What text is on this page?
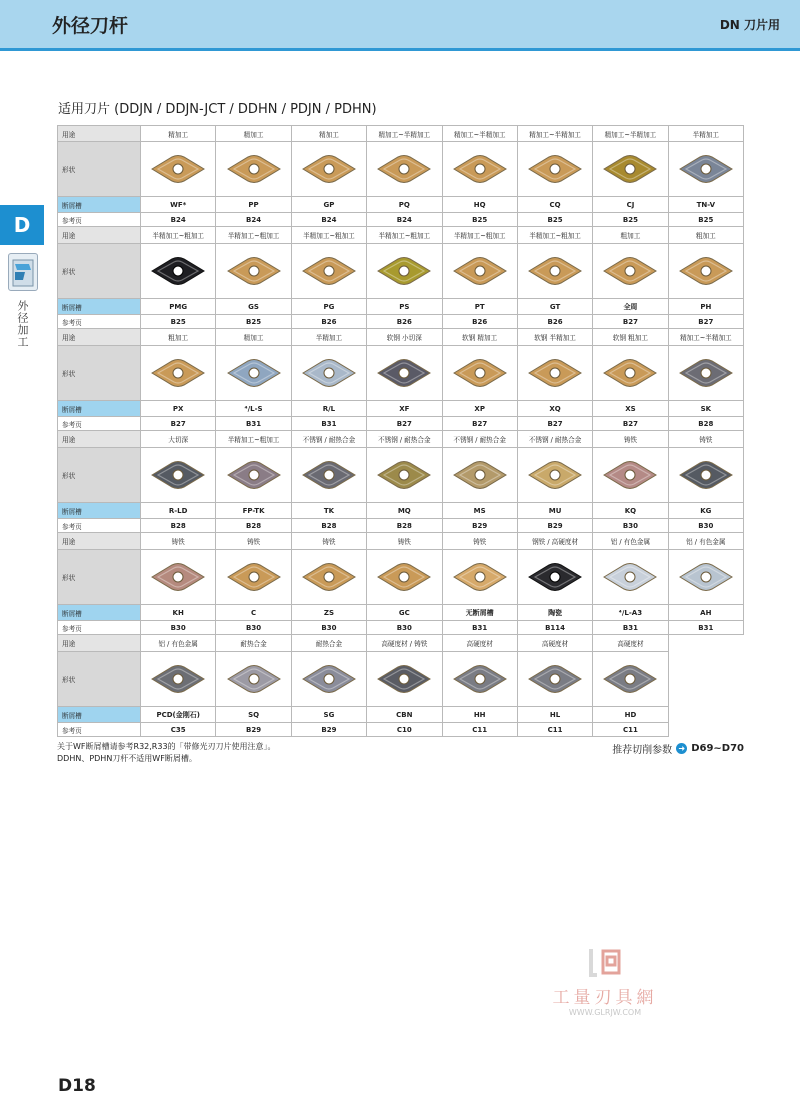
外径刀杆	DN 刀片用
D
外径加工
适用刀片 (DDJN / DDJN-JCT / DDHN / PDJN / PDHN)
用途	精加工	精加工	精加工	精加工~半精加工	精加工~半精加工	精加工~半精加工	精加工~半精加工	半精加工
形状
断屑槽	WF*	PP	GP	PQ	HQ	CQ	CJ	TN-V
参考页	B24	B24	B24	B24	B25	B25	B25	B25
用途	半精加工~粗加工	半精加工~粗加工	半精加工~粗加工	半精加工~粗加工	半精加工~粗加工	半精加工~粗加工	粗加工	粗加工
形状
断屑槽	PMG	GS	PG	PS	PT	GT	全周	PH
参考页	B25	B25	B26	B26	B26	B26	B27	B27
用途	粗加工	精加工	半精加工	软钢 小切深	软钢 精加工	软钢 半精加工	软钢 粗加工	精加工~半精加工
形状
断屑槽	PX	⁴/L-S	R/L	XF	XP	XQ	XS	SK
参考页	B27	B31	B31	B27	B27	B27	B27	B28
用途	大切深	半精加工~粗加工	不锈钢 / 耐热合金	不锈钢 / 耐热合金	不锈钢 / 耐热合金	不锈钢 / 耐热合金	铸铁	铸铁
形状
断屑槽	R-LD	FP-TK	TK	MQ	MS	MU	KQ	KG
参考页	B28	B28	B28	B28	B29	B29	B30	B30
用途	铸铁	铸铁	铸铁	铸铁	铸铁	钢铁 / 高硬度材	铝 / 有色金属	铝 / 有色金属
形状
断屑槽	KH	C	ZS	GC	无断屑槽	陶瓷	⁴/L-A3	AH
参考页	B30	B30	B30	B30	B31	B114	B31	B31
用途	铝 / 有色金属	耐热合金	耐热合金	高硬度材 / 铸铁	高硬度材	高硬度材	高硬度材
形状
断屑槽	PCD(金刚石)	SQ	SG	CBN	HH	HL	HD
参考页	C35	B29	B29	C10	C11	C11	C11
关于WF断屑槽请参考R32,R33的「带修光刃刀片使用注意」。
DDHN、PDHN刀杆不适用WF断屑槽。
推荐切削参数 ➜ D69~D70
工量刃具網
WWW.GLRJW.COM
D18
